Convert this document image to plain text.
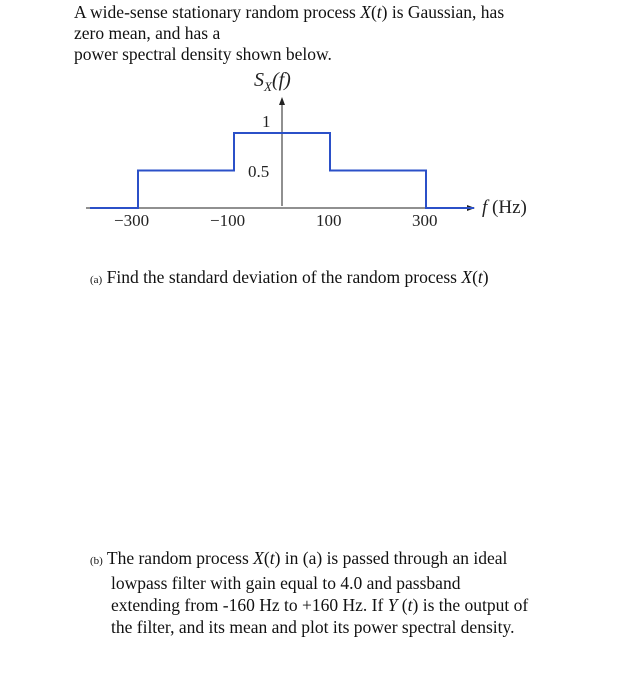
A wide-sense stationary random process X(t) is Gaussian, has
zero mean, and has a
power spectral density shown below.
$S_X(f)$
1
0.5
−300	−100	100	300
f (Hz)
(a) Find the standard deviation of the random process X(t)
(b) The random process X(t) in (a) is passed through an ideal
lowpass filter with gain equal to 4.0 and passband
extending from -160 Hz to +160 Hz. If Y (t) is the output of
the filter, and its mean and plot its power spectral density.
